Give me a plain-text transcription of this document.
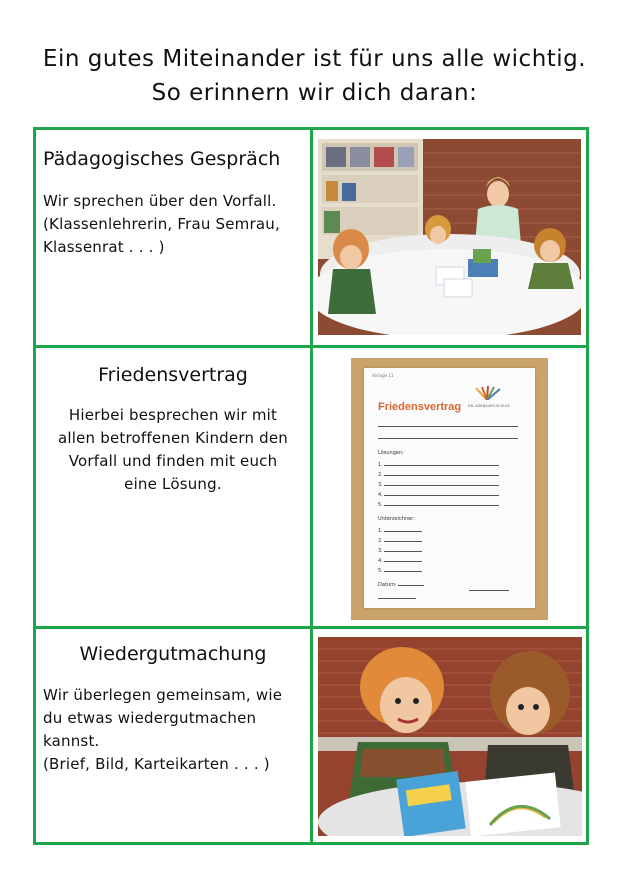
Ein gutes Miteinander ist für uns alle wichtig.
So erinnern wir dich daran:
Pädagogisches Gespräch
Wir sprechen über den Vorfall.
(Klassenlehrerin, Frau Semrau,
Klassenrat . . . )
Friedensvertrag
Hierbei besprechen wir mit
allen betroffenen Kindern den
Vorfall und finden mit euch
eine Lösung.
Vorlage 11
Friedensvertrag DR.-ADENAUER-SCHULE
Lösungen:
1.
2.
3.
4.
5.
Unterzeichner:
1.
2.
3.
4.
5.
Datum:
Wiedergutmachung
Wir überlegen gemeinsam, wie
du etwas wiedergutmachen
kannst.
(Brief, Bild, Karteikarten . . . )
